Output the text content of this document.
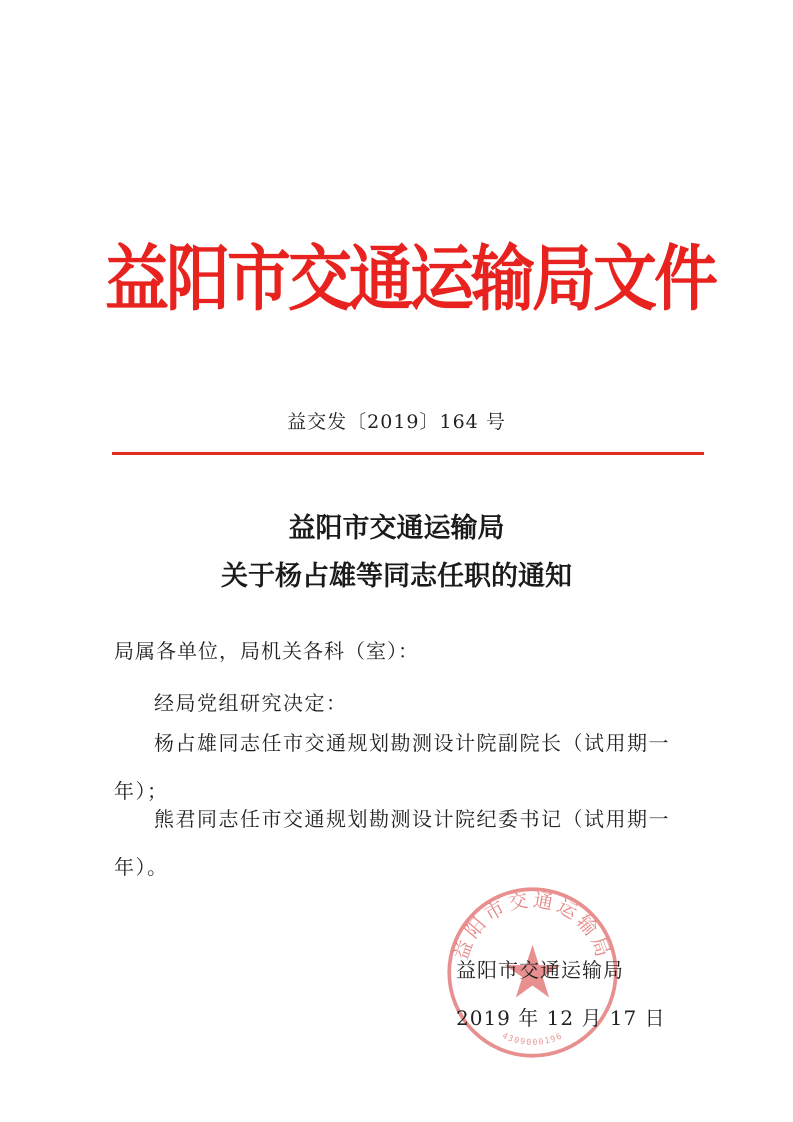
益阳市交通运输局文件
益交发〔2019〕164 号
益阳市交通运输局
关于杨占雄等同志任职的通知
局属各单位，局机关各科（室）：
经局党组研究决定：
杨占雄同志任市交通规划勘测设计院副院长（试用期一
年）；
熊君同志任市交通规划勘测设计院纪委书记（试用期一
年）。
益阳市交通运输局
4309000196
益阳市交通运输局
2019 年 12 月 17 日
